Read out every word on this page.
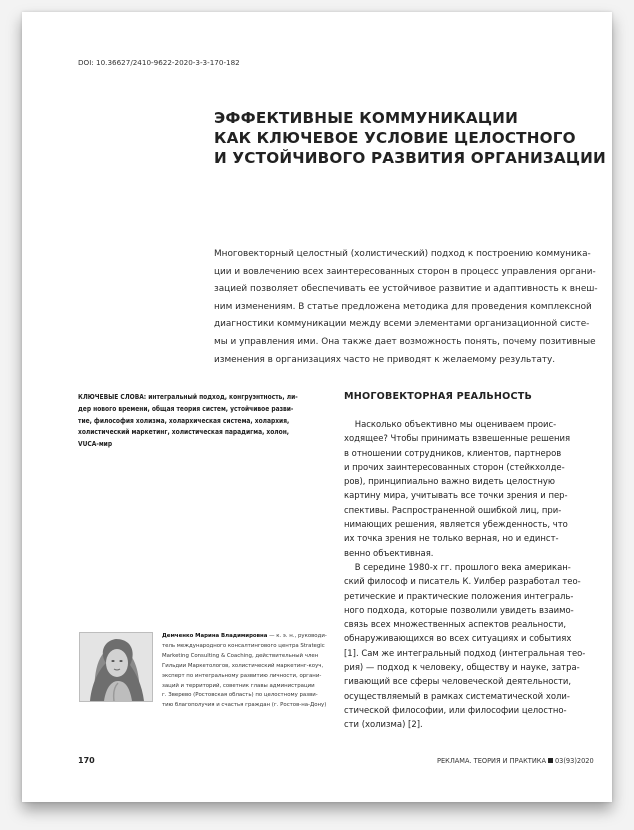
DOI: 10.36627/2410-9622-2020-3-3-170-182
ЭФФЕКТИВНЫЕ КОММУНИКАЦИИ
КАК КЛЮЧЕВОЕ УСЛОВИЕ ЦЕЛОСТНОГО
И УСТОЙЧИВОГО РАЗВИТИЯ ОРГАНИЗАЦИИ
Многовекторный целостный (холистический) подход к построению коммуника-
ции и вовлечению всех заинтересованных сторон в процесс управления органи-
зацией позволяет обеспечивать ее устойчивое развитие и адаптивность к внеш-
ним изменениям. В статье предложена методика для проведения комплексной
диагностики коммуникации между всеми элементами организационной систе-
мы и управления ими. Она также дает возможность понять, почему позитивные
изменения в организациях часто не приводят к желаемому результату.
КЛЮЧЕВЫЕ СЛОВА: интегральный подход, конгруэнтность, ли-
дер нового времени, общая теория систем, устойчивое разви-
тие, философия холизма, холархическая система, холархия,
холистический маркетинг, холистическая парадигма, холон,
VUCA-мир
МНОГОВЕКТОРНАЯ РЕАЛЬНОСТЬ
Насколько объективно мы оцениваем проис-
ходящее? Чтобы принимать взвешенные решения
в отношении сотрудников, клиентов, партнеров
и прочих заинтересованных сторон (стейкхолде-
ров), принципиально важно видеть целостную
картину мира, учитывать все точки зрения и пер-
спективы. Распространенной ошибкой лиц, при-
нимающих решения, является убежденность, что
их точка зрения не только верная, но и единст-
венно объективная.
В середине 1980-х гг. прошлого века американ-
ский философ и писатель К. Уилбер разработал тео-
ретические и практические положения интеграль-
ного подхода, которые позволили увидеть взаимо-
связь всех множественных аспектов реальности,
обнаруживающихся во всех ситуациях и событиях
[1]. Сам же интегральный подход (интегральная тео-
рия) — подход к человеку, обществу и науке, затра-
гивающий все сферы человеческой деятельности,
осуществляемый в рамках систематической холи-
стической философии, или философии целостно-
сти (холизма) [2].
Демченко Марина Владимировна — к. э. н., руководи-
тель международного консалтингового центра Strategic
Marketing Consulting & Coaching, действительный член
Гильдии Маркетологов, холистический маркетинг-коуч,
эксперт по интегральному развитию личности, органи-
заций и территорий, советник главы администрации
г. Зверево (Ростовская область) по целостному разви-
тию благополучия и счастья граждан (г. Ростов-на-Дону)
170	РЕКЛАМА. ТЕОРИЯ И ПРАКТИКА 03(93)2020
